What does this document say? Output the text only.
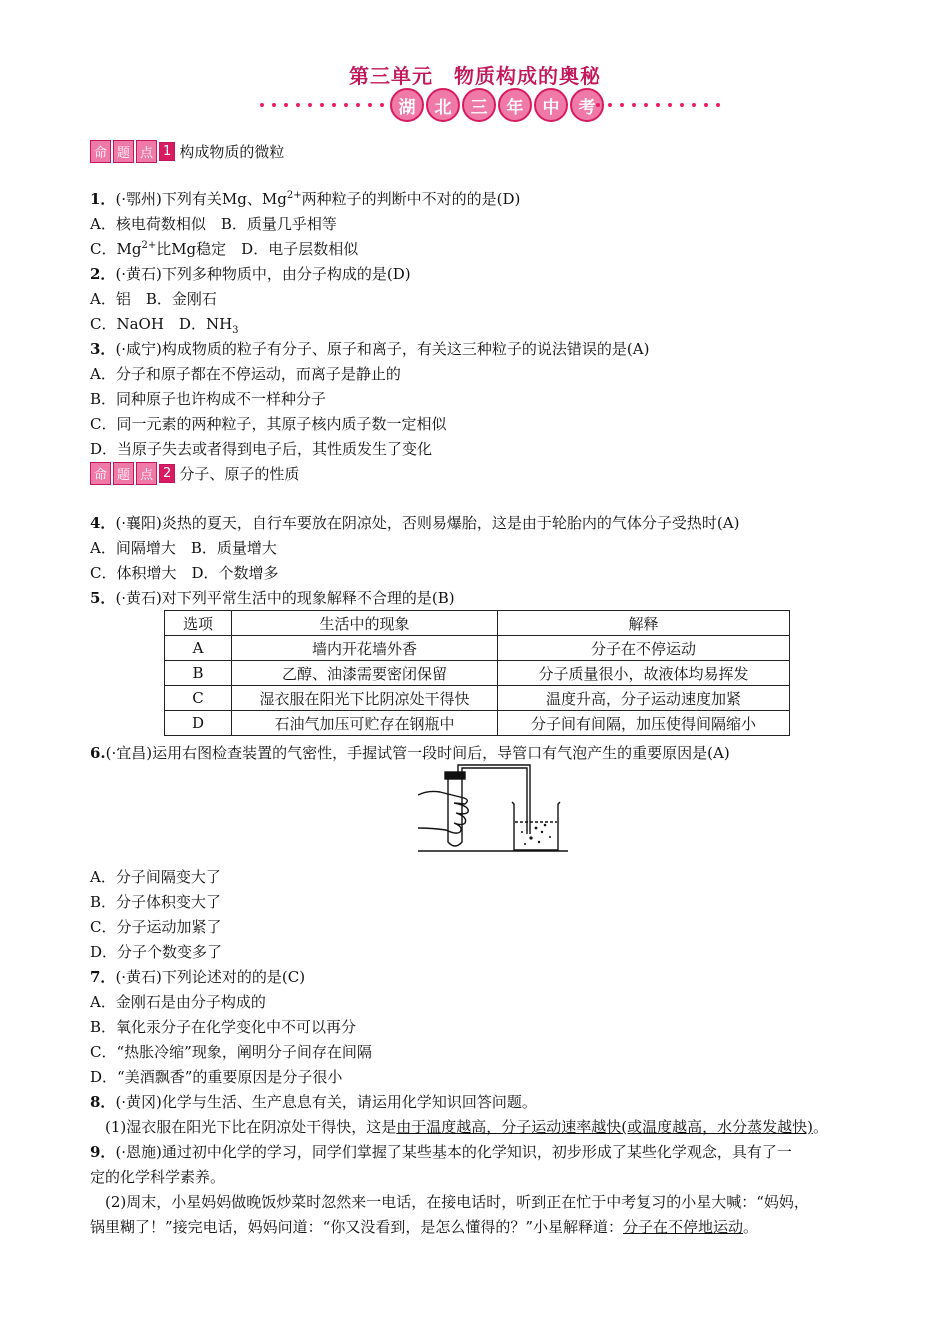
第三单元　物质构成的奥秘
湖	北	三	年	中	考
命 题 点 1 构成物质的微粒
1．(·鄂州)下列有关Mg、$Mg^{2+}$两种粒子的判断中不对的的是(D)
A．核电荷数相似　B．质量几乎相等
C．$Mg^{2+}$比Mg稳定　D．电子层数相似
2．(·黄石)下列多种物质中，由分子构成的是(D)
A．铝　B．金刚石
C．NaOH　D．$NH_3$
3．(·咸宁)构成物质的粒子有分子、原子和离子，有关这三种粒子的说法错误的是(A)
A．分子和原子都在不停运动，而离子是静止的
B．同种原子也许构成不一样种分子
C．同一元素的两种粒子，其原子核内质子数一定相似
D．当原子失去或者得到电子后，其性质发生了变化
命 题 点 2 分子、原子的性质
4．(·襄阳)炎热的夏天，自行车要放在阴凉处，否则易爆胎，这是由于轮胎内的气体分子受热时(A)
A．间隔增大　B．质量增大
C．体积增大　D．个数增多
5．(·黄石)对下列平常生活中的现象解释不合理的是(B)
选项	生活中的现象	解释
A	墙内开花墙外香	分子在不停运动
B	乙醇、油漆需要密闭保留	分子质量很小，故液体均易挥发
C	湿衣服在阳光下比阴凉处干得快	温度升高，分子运动速度加紧
D	石油气加压可贮存在钢瓶中	分子间有间隔，加压使得间隔缩小
6.(·宜昌)运用右图检查装置的气密性，手握试管一段时间后，导管口有气泡产生的重要原因是(A)
A．分子间隔变大了
B．分子体积变大了
C．分子运动加紧了
D．分子个数变多了
7．(·黄石)下列论述对的的是(C)
A．金刚石是由分子构成的
B．氧化汞分子在化学变化中不可以再分
C．“热胀冷缩”现象，阐明分子间存在间隔
D．“美酒飘香”的重要原因是分子很小
8．(·黄冈)化学与生活、生产息息有关，请运用化学知识回答问题。
(1)湿衣服在阳光下比在阴凉处干得快，这是由于温度越高，分子运动速率越快(或温度越高，水分蒸发越快)。
9．(·恩施)通过初中化学的学习，同学们掌握了某些基本的化学知识，初步形成了某些化学观念，具有了一
定的化学科学素养。
(2)周末，小星妈妈做晚饭炒菜时忽然来一电话，在接电话时，听到正在忙于中考复习的小星大喊：“妈妈，
锅里糊了！”接完电话，妈妈问道：“你又没看到，是怎么懂得的？”小星解释道：分子在不停地运动。
